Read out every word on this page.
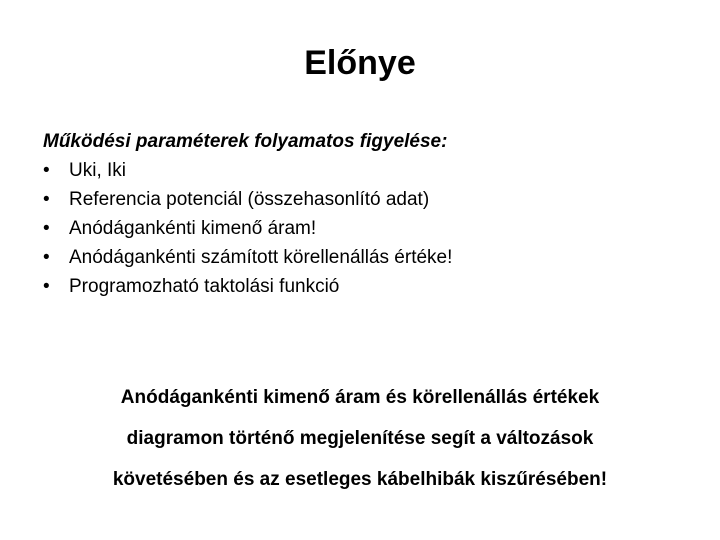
Előnye

Működési paraméterek folyamatos figyelése:

•	Uki, Iki
•	Referencia potenciál (összehasonlító adat)
•	Anódágankénti kimenő áram!
•	Anódágankénti számított körellenállás értéke!
•	Programozható taktolási funkció
Anódágankénti kimenő áram és körellenállás értékek
diagramon történő megjelenítése segít a változások
követésében és az esetleges kábelhibák kiszűrésében!
